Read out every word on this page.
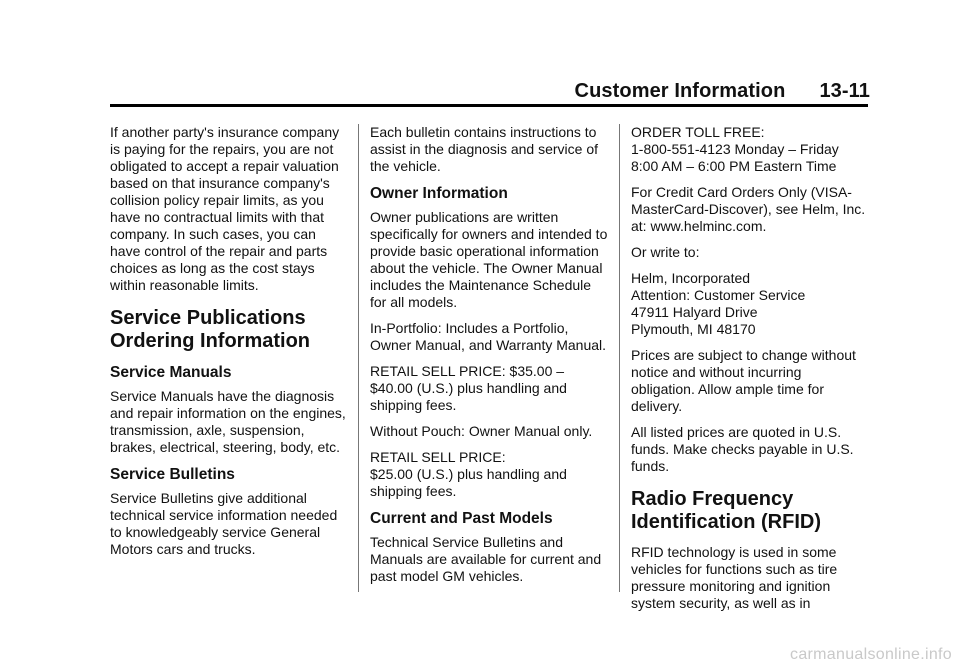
Customer Information 13-11

If another party's insurance company is paying for the repairs, you are not obligated to accept a repair valuation based on that insurance company's collision policy repair limits, as you have no contractual limits with that company. In such cases, you can have control of the repair and parts choices as long as the cost stays within reasonable limits.

Service Publications
Ordering Information
Service Manuals

Service Manuals have the diagnosis and repair information on the engines, transmission, axle, suspension, brakes, electrical, steering, body, etc.

Service Bulletins

Service Bulletins give additional technical service information needed to knowledgeably service General Motors cars and trucks.

Each bulletin contains instructions to assist in the diagnosis and service of the vehicle.

Owner Information

Owner publications are written specifically for owners and intended to provide basic operational information about the vehicle. The Owner Manual includes the Maintenance Schedule for all models.

In-Portfolio: Includes a Portfolio, Owner Manual, and Warranty Manual.

RETAIL SELL PRICE: $35.00 – $40.00 (U.S.) plus handling and shipping fees.

Without Pouch: Owner Manual only.

RETAIL SELL PRICE:
$25.00 (U.S.) plus handling and shipping fees.

Current and Past Models

Technical Service Bulletins and Manuals are available for current and past model GM vehicles.

ORDER TOLL FREE:
1-800-551-4123 Monday – Friday
8:00 AM – 6:00 PM Eastern Time

For Credit Card Orders Only (VISA-MasterCard-Discover), see Helm, Inc. at: www.helminc.com.

Or write to:

Helm, Incorporated
Attention: Customer Service
47911 Halyard Drive
Plymouth, MI 48170

Prices are subject to change without notice and without incurring obligation. Allow ample time for delivery.

All listed prices are quoted in U.S. funds. Make checks payable in U.S. funds.

Radio Frequency
Identification (RFID)

RFID technology is used in some vehicles for functions such as tire pressure monitoring and ignition system security, as well as in

carmanualsonline.info
